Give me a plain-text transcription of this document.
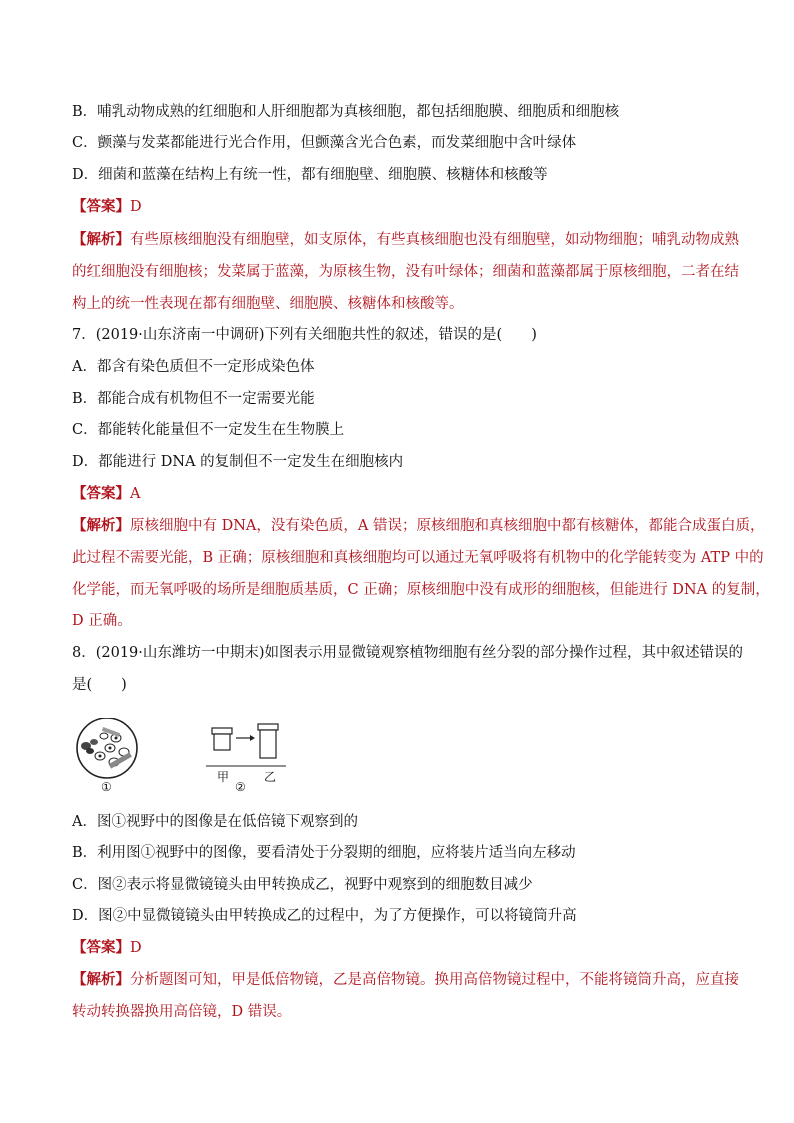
B．哺乳动物成熟的红细胞和人肝细胞都为真核细胞，都包括细胞膜、细胞质和细胞核
C．颤藻与发菜都能进行光合作用，但颤藻含光合色素，而发菜细胞中含叶绿体
D．细菌和蓝藻在结构上有统一性，都有细胞壁、细胞膜、核糖体和核酸等
【答案】D
【解析】有些原核细胞没有细胞壁，如支原体，有些真核细胞也没有细胞壁，如动物细胞；哺乳动物成熟
的红细胞没有细胞核；发菜属于蓝藻，为原核生物，没有叶绿体；细菌和蓝藻都属于原核细胞，二者在结
构上的统一性表现在都有细胞壁、细胞膜、核糖体和核酸等。
7．(2019·山东济南一中调研)下列有关细胞共性的叙述，错误的是(　　)
A．都含有染色质但不一定形成染色体
B．都能合成有机物但不一定需要光能
C．都能转化能量但不一定发生在生物膜上
D．都能进行 DNA 的复制但不一定发生在细胞核内
【答案】A
【解析】原核细胞中有 DNA，没有染色质，A 错误；原核细胞和真核细胞中都有核糖体，都能合成蛋白质，
此过程不需要光能，B 正确；原核细胞和真核细胞均可以通过无氧呼吸将有机物中的化学能转变为 ATP 中的
化学能，而无氧呼吸的场所是细胞质基质，C 正确；原核细胞中没有成形的细胞核，但能进行 DNA 的复制，
D 正确。
8．(2019·山东潍坊一中期末)如图表示用显微镜观察植物细胞有丝分裂的部分操作过程，其中叙述错误的
是(　　)
甲	乙
①	②
A．图①视野中的图像是在低倍镜下观察到的
B．利用图①视野中的图像，要看清处于分裂期的细胞，应将装片适当向左移动
C．图②表示将显微镜镜头由甲转换成乙，视野中观察到的细胞数目减少
D．图②中显微镜镜头由甲转换成乙的过程中，为了方便操作，可以将镜筒升高
【答案】D
【解析】分析题图可知，甲是低倍物镜，乙是高倍物镜。换用高倍物镜过程中，不能将镜筒升高，应直接
转动转换器换用高倍镜，D 错误。
